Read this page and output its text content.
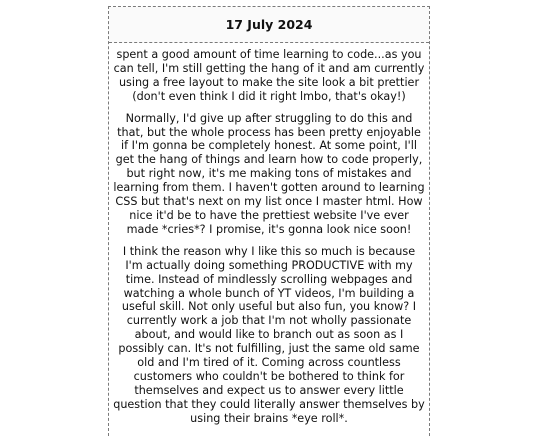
17 July 2024

spent a good amount of time learning to code...as you can tell, I'm still getting the hang of it and am currently using a free layout to make the site look a bit prettier (don't even think I did it right lmbo, that's okay!)

Normally, I'd give up after struggling to do this and that, but the whole process has been pretty enjoyable if I'm gonna be completely honest. At some point, I'll get the hang of things and learn how to code properly, but right now, it's me making tons of mistakes and learning from them. I haven't gotten around to learning CSS but that's next on my list once I master html. How nice it'd be to have the prettiest website I've ever made *cries*? I promise, it's gonna look nice soon!

I think the reason why I like this so much is because I'm actually doing something PRODUCTIVE with my time. Instead of mindlessly scrolling webpages and watching a whole bunch of YT videos, I'm building a useful skill. Not only useful but also fun, you know? I currently work a job that I'm not wholly passionate about, and would like to branch out as soon as I possibly can. It's not fulfilling, just the same old same old and I'm tired of it. Coming across countless customers who couldn't be bothered to think for themselves and expect us to answer every little question that they could literally answer themselves by using their brains *eye roll*.
